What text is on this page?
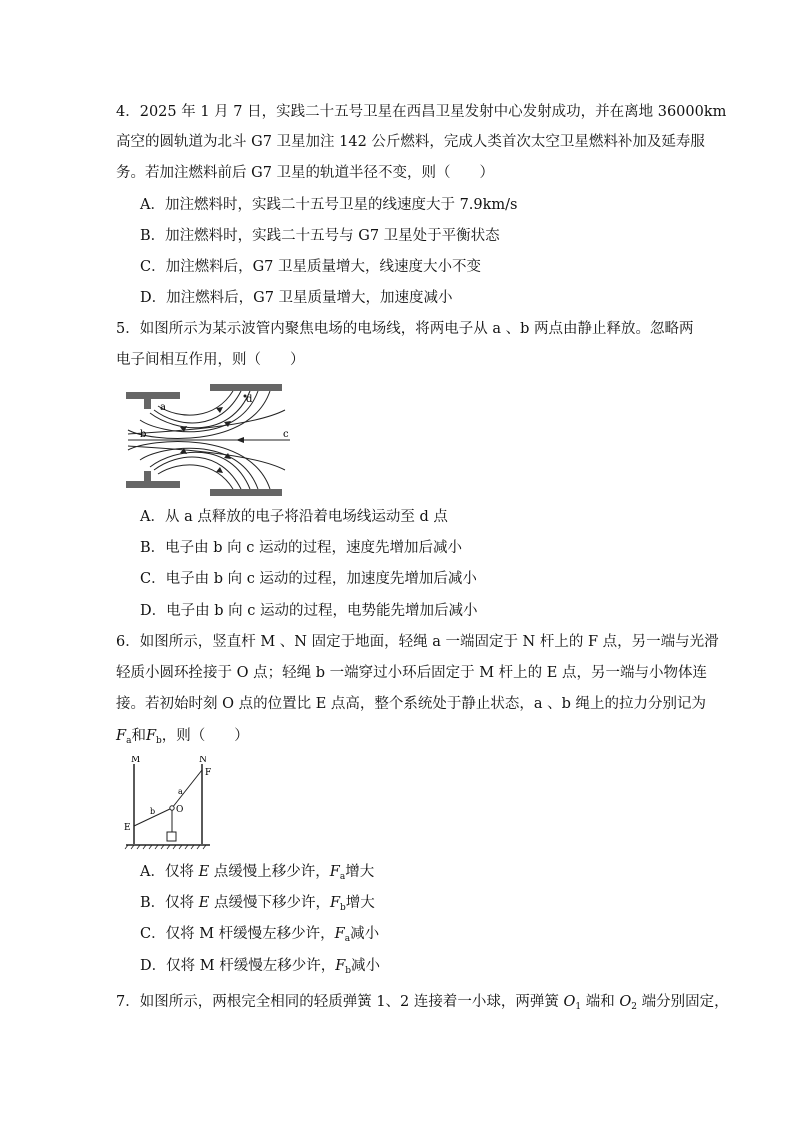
4．2025 年 1 月 7 日，实践二十五号卫星在西昌卫星发射中心发射成功，并在离地 36000km
高空的圆轨道为北斗 G7 卫星加注 142 公斤燃料，完成人类首次太空卫星燃料补加及延寿服
务。若加注燃料前后 G7 卫星的轨道半径不变，则（　　）
A．加注燃料时，实践二十五号卫星的线速度大于 7.9km/s
B．加注燃料时，实践二十五号与 G7 卫星处于平衡状态
C．加注燃料后，G7 卫星质量增大，线速度大小不变
D．加注燃料后，G7 卫星质量增大，加速度减小
5．如图所示为某示波管内聚焦电场的电场线，将两电子从 a 、b 两点由静止释放。忽略两
电子间相互作用，则（　　）
a
b	c
d
A．从 a 点释放的电子将沿着电场线运动至 d 点
B．电子由 b 向 c 运动的过程，速度先增加后减小
C．电子由 b 向 c 运动的过程，加速度先增加后减小
D．电子由 b 向 c 运动的过程，电势能先增加后减小
6．如图所示，竖直杆 M 、N 固定于地面，轻绳 a 一端固定于 N 杆上的 F 点，另一端与光滑
轻质小圆环拴接于 O 点；轻绳 b 一端穿过小环后固定于 M 杆上的 E 点，另一端与小物体连
接。若初始时刻 O 点的位置比 E 点高，整个系统处于静止状态，a 、b 绳上的拉力分别记为
$F_a$和$F_b$，则（　　）
M	N
F
O
E
a
b
A．仅将 E 点缓慢上移少许，$F_a$增大
B．仅将 E 点缓慢下移少许，$F_b$增大
C．仅将 M 杆缓慢左移少许，$F_a$减小
D．仅将 M 杆缓慢左移少许，$F_b$减小
7．如图所示，两根完全相同的轻质弹簧 1、2 连接着一小球，两弹簧 $O_1$ 端和 $O_2$ 端分别固定，
